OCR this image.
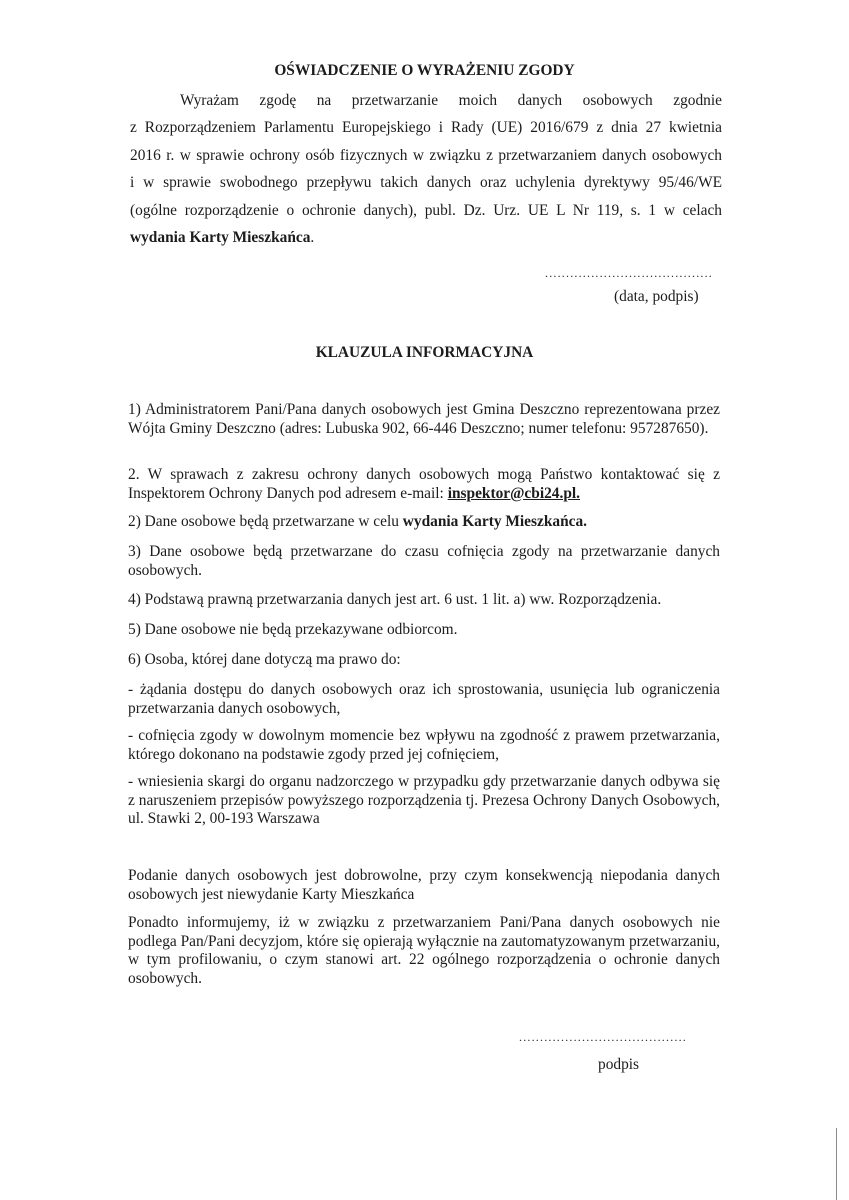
OŚWIADCZENIE O WYRAŻENIU ZGODY
Wyrażam zgodę na przetwarzanie moich danych osobowych zgodnie
z Rozporządzeniem Parlamentu Europejskiego i Rady (UE) 2016/679 z dnia 27 kwietnia
2016 r. w sprawie ochrony osób fizycznych w związku z przetwarzaniem danych osobowych
i w sprawie swobodnego przepływu takich danych oraz uchylenia dyrektywy 95/46/WE
(ogólne rozporządzenie o ochronie danych), publ. Dz. Urz. UE L Nr 119, s. 1 w celach
wydania Karty Mieszkańca.
........................................
(data, podpis)
KLAUZULA INFORMACYJNA
1) Administratorem Pani/Pana danych osobowych jest Gmina Deszczno reprezentowana przez Wójta Gminy Deszczno (adres: Lubuska 902, 66-446 Deszczno; numer telefonu: 957287650).
2. W sprawach z zakresu ochrony danych osobowych mogą Państwo kontaktować się z Inspektorem Ochrony Danych pod adresem e-mail: inspektor@cbi24.pl.
2) Dane osobowe będą przetwarzane w celu wydania Karty Mieszkańca.
3) Dane osobowe będą przetwarzane do czasu cofnięcia zgody na przetwarzanie danych osobowych.
4) Podstawą prawną przetwarzania danych jest art. 6 ust. 1 lit. a) ww. Rozporządzenia.
5) Dane osobowe nie będą przekazywane odbiorcom.
6) Osoba, której dane dotyczą ma prawo do:
- żądania dostępu do danych osobowych oraz ich sprostowania, usunięcia lub ograniczenia przetwarzania danych osobowych,
- cofnięcia zgody w dowolnym momencie bez wpływu na zgodność z prawem przetwarzania, którego dokonano na podstawie zgody przed jej cofnięciem,
- wniesienia skargi do organu nadzorczego w przypadku gdy przetwarzanie danych odbywa się z naruszeniem przepisów powyższego rozporządzenia tj. Prezesa Ochrony Danych Osobowych, ul. Stawki 2, 00-193 Warszawa
Podanie danych osobowych jest dobrowolne, przy czym konsekwencją niepodania danych osobowych jest niewydanie Karty Mieszkańca
Ponadto informujemy, iż w związku z przetwarzaniem Pani/Pana danych osobowych nie podlega Pan/Pani decyzjom, które się opierają wyłącznie na zautomatyzowanym przetwarzaniu, w tym profilowaniu, o czym stanowi art. 22 ogólnego rozporządzenia o ochronie danych osobowych.
........................................
podpis
